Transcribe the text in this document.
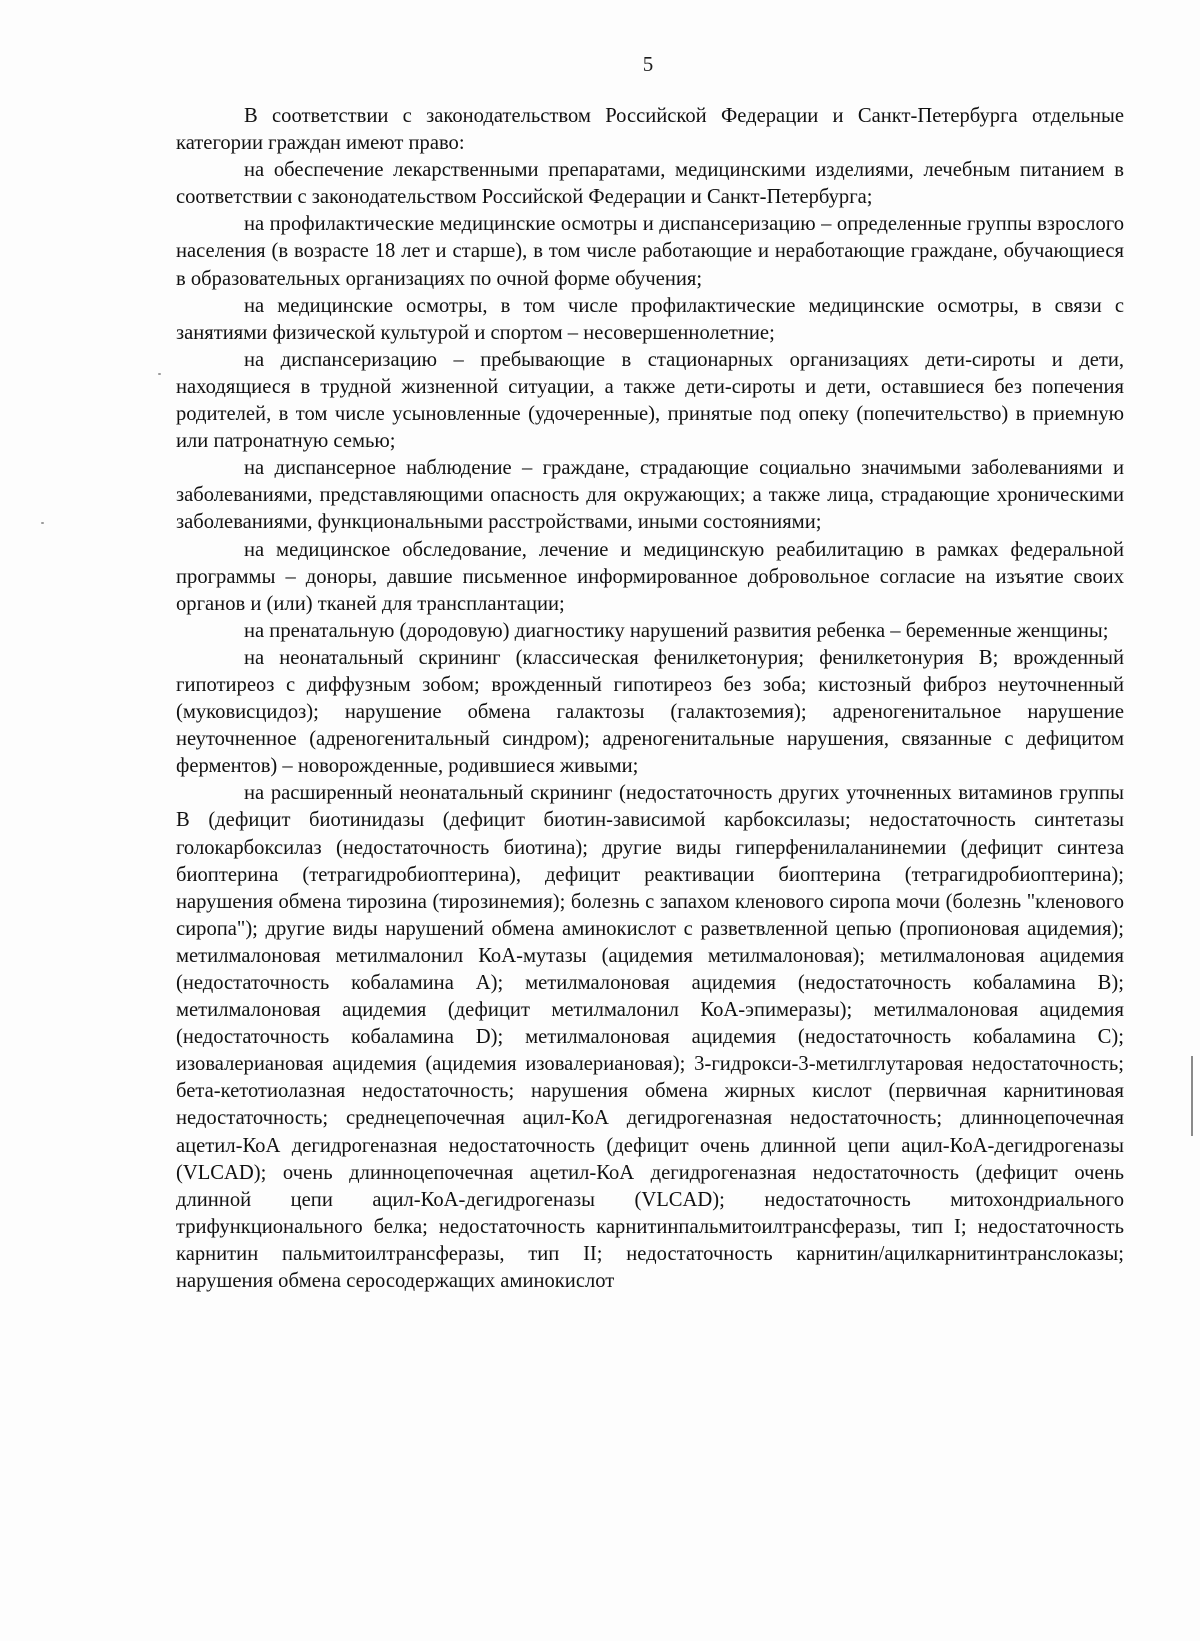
5

В соответствии с законодательством Российской Федерации и Санкт-Петербурга отдельные категории граждан имеют право:

на обеспечение лекарственными препаратами, медицинскими изделиями, лечебным питанием в соответствии с законодательством Российской Федерации и Санкт-Петербурга;

на профилактические медицинские осмотры и диспансеризацию – определенные группы взрослого населения (в возрасте 18 лет и старше), в том числе работающие и неработающие граждане, обучающиеся в образовательных организациях по очной форме обучения;

на медицинские осмотры, в том числе профилактические медицинские осмотры, в связи с занятиями физической культурой и спортом – несовершеннолетние;

на диспансеризацию – пребывающие в стационарных организациях дети-сироты и дети, находящиеся в трудной жизненной ситуации, а также дети-сироты и дети, оставшиеся без попечения родителей, в том числе усыновленные (удочеренные), принятые под опеку (попечительство) в приемную или патронатную семью;

на диспансерное наблюдение – граждане, страдающие социально значимыми заболеваниями и заболеваниями, представляющими опасность для окружающих; а также лица, страдающие хроническими заболеваниями, функциональными расстройствами, иными состояниями;

на медицинское обследование, лечение и медицинскую реабилитацию в рамках федеральной программы – доноры, давшие письменное информированное добровольное согласие на изъятие своих органов и (или) тканей для трансплантации;

на пренатальную (дородовую) диагностику нарушений развития ребенка – беременные женщины;

на неонатальный скрининг (классическая фенилкетонурия; фенилкетонурия B; врожденный гипотиреоз с диффузным зобом; врожденный гипотиреоз без зоба; кистозный фиброз неуточненный (муковисцидоз); нарушение обмена галактозы (галактоземия); адреногенитальное нарушение неуточненное (адреногенитальный синдром); адреногенитальные нарушения, связанные с дефицитом ферментов) – новорожденные, родившиеся живыми;

на расширенный неонатальный скрининг (недостаточность других уточненных витаминов группы B (дефицит биотинидазы (дефицит биотин-зависимой карбоксилазы; недостаточность синтетазы голокарбоксилаз (недостаточность биотина); другие виды гиперфенилаланинемии (дефицит синтеза биоптерина (тетрагидробиоптерина), дефицит реактивации биоптерина (тетрагидробиоптерина); нарушения обмена тирозина (тирозинемия); болезнь с запахом кленового сиропа мочи (болезнь "кленового сиропа"); другие виды нарушений обмена аминокислот с разветвленной цепью (пропионовая ацидемия); метилмалоновая метилмалонил КоА-мутазы (ацидемия метилмалоновая); метилмалоновая ацидемия (недостаточность кобаламина A); метилмалоновая ацидемия (недостаточность кобаламина B); метилмалоновая ацидемия (дефицит метилмалонил КоА-эпимеразы); метилмалоновая ацидемия (недостаточность кобаламина D); метилмалоновая ацидемия (недостаточность кобаламина C); изовалериановая ацидемия (ацидемия изовалериановая); 3-гидрокси-3-метилглутаровая недостаточность; бета-кетотиолазная недостаточность; нарушения обмена жирных кислот (первичная карнитиновая недостаточность; среднецепочечная ацил-КоА дегидрогеназная недостаточность; длинноцепочечная ацетил-КоА дегидрогеназная недостаточность (дефицит очень длинной цепи ацил-КоА-дегидрогеназы (VLCAD); очень длинноцепочечная ацетил-КоА дегидрогеназная недостаточность (дефицит очень длинной цепи ацил-КоА-дегидрогеназы (VLCAD); недостаточность митохондриального трифункционального белка; недостаточность карнитинпальмитоилтрансферазы, тип I; недостаточность карнитин пальмитоилтрансферазы, тип II; недостаточность карнитин/ацилкарнитинтранслоказы; нарушения обмена серосодержащих аминокислот
